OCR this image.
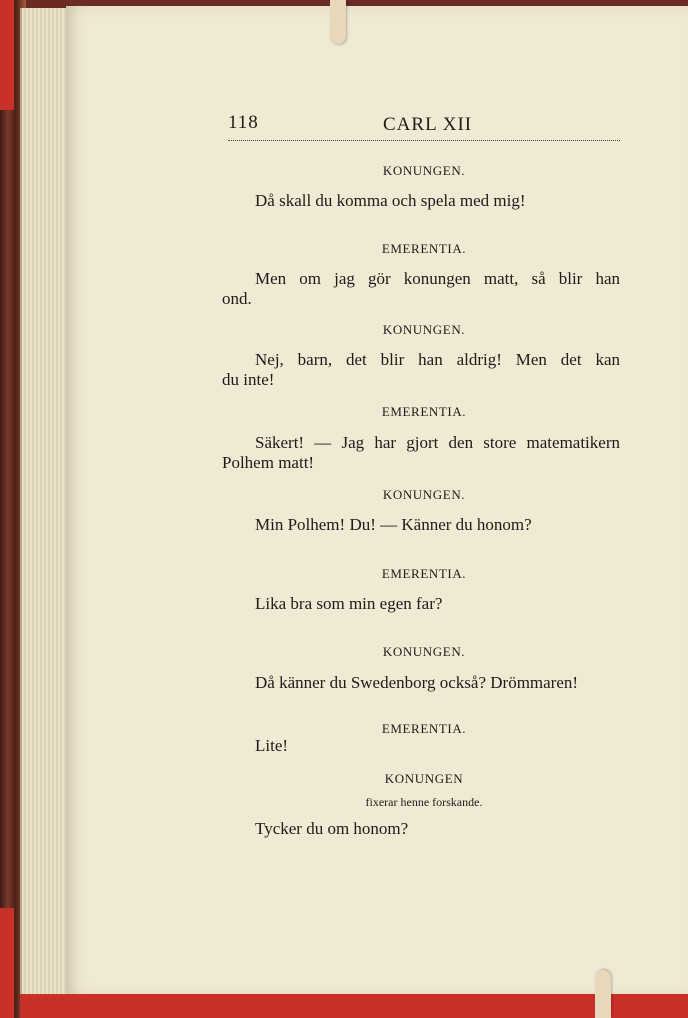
118	CARL XII
KONUNGEN.
Då skall du komma och spela med mig!
EMERENTIA.
Men om jag gör konungen matt, så blir han
ond.
KONUNGEN.
Nej, barn, det blir han aldrig! Men det kan
du inte!
EMERENTIA.
Säkert! — Jag har gjort den store matematikern
Polhem matt!
KONUNGEN.
Min Polhem! Du! — Känner du honom?
EMERENTIA.
Lika bra som min egen far?
KONUNGEN.
Då känner du Swedenborg också? Drömmaren!
EMERENTIA.
Lite!
KONUNGEN
fixerar henne forskande.
Tycker du om honom?
